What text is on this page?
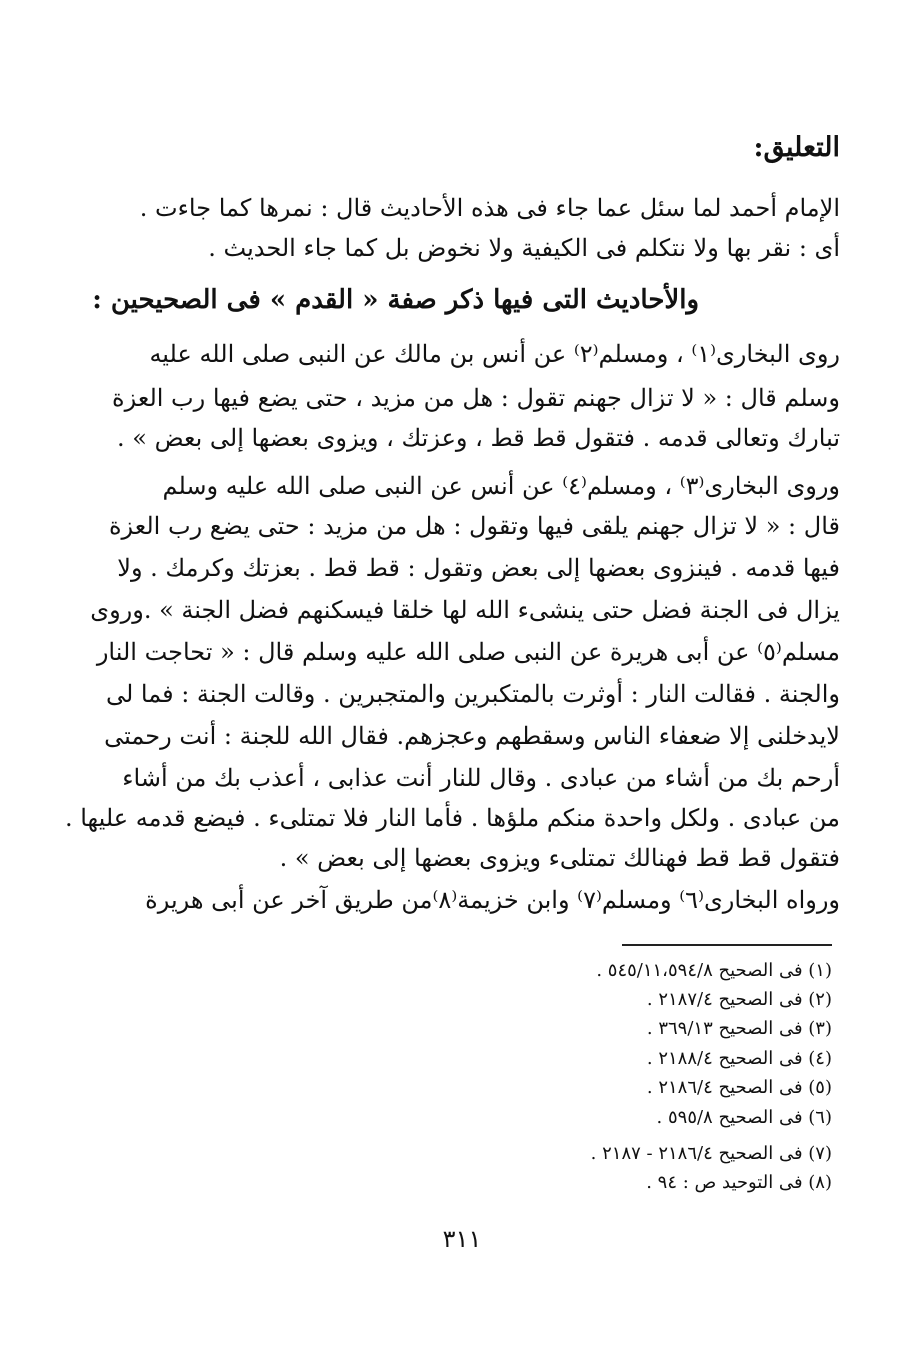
التعليق:
الإمام أحمد لما سئل عما جاء فى هذه الأحاديث قال : نمرها كما جاءت .
أى : نقر بها ولا نتكلم فى الكيفية ولا نخوض بل كما جاء الحديث .
والأحاديث التى فيها ذكر صفة « القدم » فى الصحيحين :
روى البخارى⁽١⁾ ، ومسلم⁽٢⁾ عن أنس بن مالك عن النبى صلى الله عليه
وسلم قال : « لا تزال جهنم تقول : هل من مزيد ، حتى يضع فيها رب العزة
تبارك وتعالى قدمه . فتقول قط قط ، وعزتك ، ويزوى بعضها إلى بعض » .
وروى البخارى⁽٣⁾ ، ومسلم⁽٤⁾ عن أنس عن النبى صلى الله عليه وسلم
قال : « لا تزال جهنم يلقى فيها وتقول : هل من مزيد : حتى يضع رب العزة
فيها قدمه . فينزوى بعضها إلى بعض وتقول : قط قط . بعزتك وكرمك . ولا
يزال فى الجنة فضل حتى ينشىء الله لها خلقا فيسكنهم فضل الجنة » .وروى
مسلم⁽٥⁾ عن أبى هريرة عن النبى صلى الله عليه وسلم قال : « تحاجت النار
والجنة . فقالت النار : أوثرت بالمتكبرين والمتجبرين . وقالت الجنة : فما لى
لايدخلنى إلا ضعفاء الناس وسقطهم وعجزهم. فقال الله للجنة : أنت رحمتى
أرحم بك من أشاء من عبادى . وقال للنار أنت عذابى ، أعذب بك من أشاء
من عبادى . ولكل واحدة منكم ملؤها . فأما النار فلا تمتلىء . فيضع قدمه عليها .
فتقول قط قط فهنالك تمتلىء ويزوى بعضها إلى بعض » .
ورواه البخارى⁽٦⁾ ومسلم⁽٧⁾ وابن خزيمة⁽٨⁾من طريق آخر عن أبى هريرة
(١) فى الصحيح ٥٤٥/١١،٥٩٤/٨ .
(٢) فى الصحيح ٢١٨٧/٤ .
(٣) فى الصحيح ٣٦٩/١٣ .
(٤) فى الصحيح ٢١٨٨/٤ .
(٥) فى الصحيح ٢١٨٦/٤ .
(٦) فى الصحيح ٥٩٥/٨ .
(٧) فى الصحيح ٢١٨٦/٤ - ٢١٨٧ .
(٨) فى التوحيد ص : ٩٤ .
٣١١
